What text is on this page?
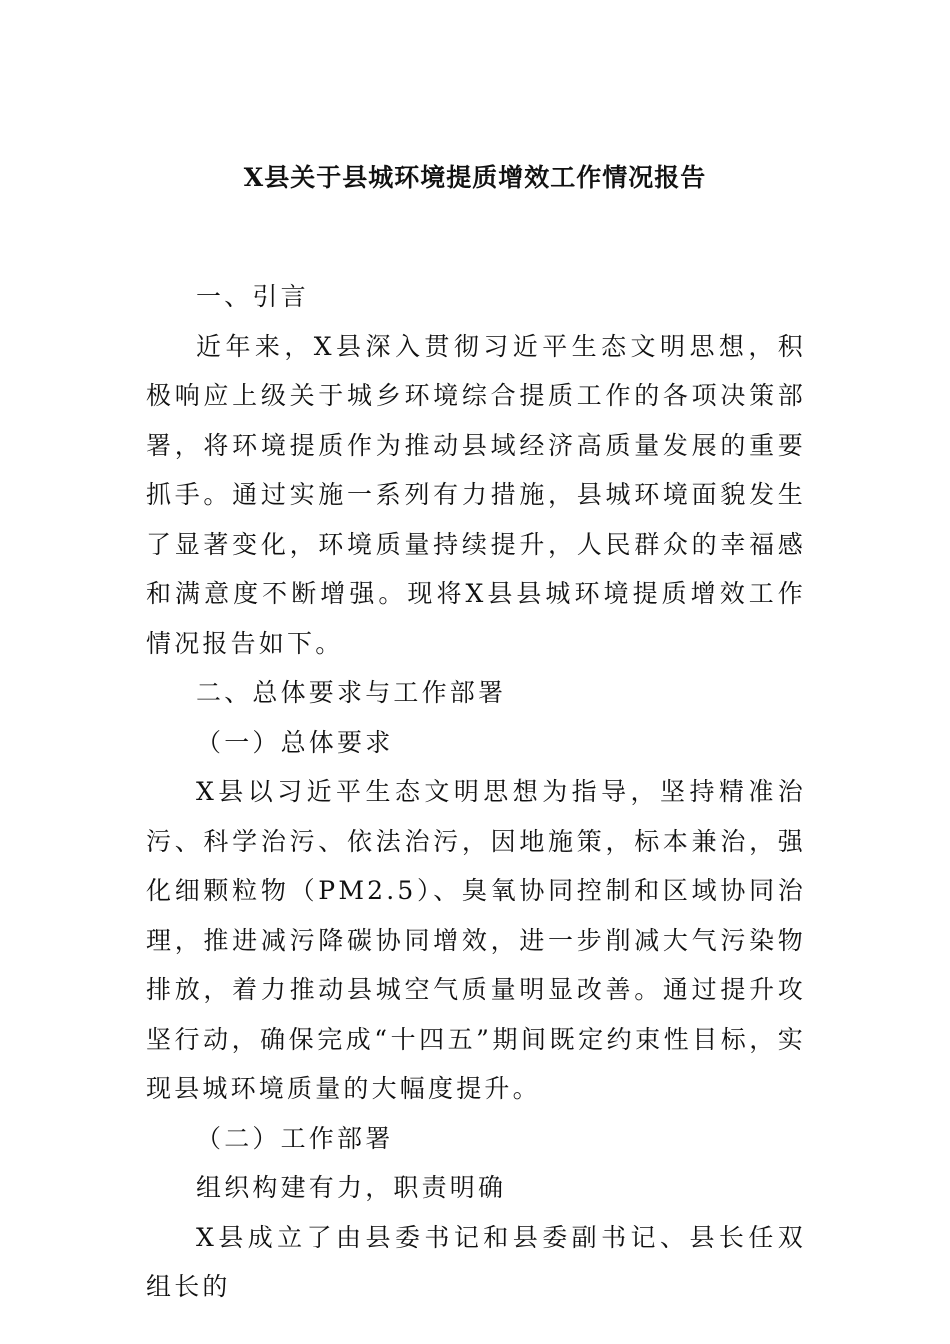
X县关于县城环境提质增效工作情况报告

一、引言

近年来，X县深入贯彻习近平生态文明思想，积极响应上级关于城乡环境综合提质工作的各项决策部署，将环境提质作为推动县域经济高质量发展的重要抓手。通过实施一系列有力措施，县城环境面貌发生了显著变化，环境质量持续提升，人民群众的幸福感和满意度不断增强。现将X县县城环境提质增效工作情况报告如下。

二、总体要求与工作部署

（一）总体要求

X县以习近平生态文明思想为指导，坚持精准治污、科学治污、依法治污，因地施策，标本兼治，强化细颗粒物（PM2.5）、臭氧协同控制和区域协同治理，推进减污降碳协同增效，进一步削减大气污染物排放，着力推动县城空气质量明显改善。通过提升攻坚行动，确保完成“十四五”期间既定约束性目标，实现县城环境质量的大幅度提升。

（二）工作部署

组织构建有力，职责明确

X县成立了由县委书记和县委副书记、县长任双组长的
